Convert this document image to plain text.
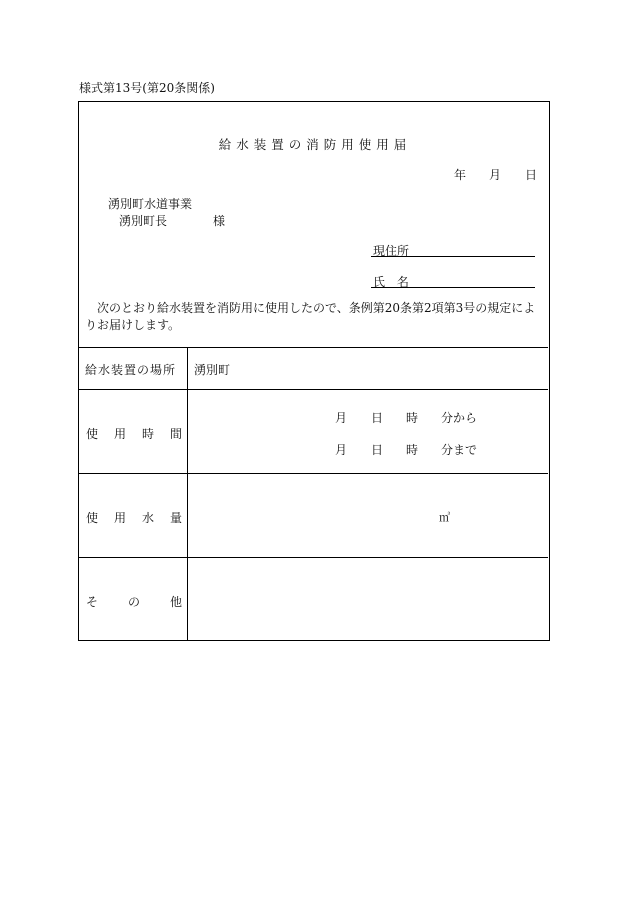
様式第13号(第20条関係)
給水装置の消防用使用届
年 月 日
湧別町水道事業
湧別町長	様
現住所
氏 名
次のとおり給水装置を消防用に使用したので、条例第20条第2項第3号の規定によりお届けします。
給水装置の場所 湧別町
使 用 時 間
月 日 時 分から
月 日 時 分まで
使 用 水 量	㎥
そ の 他
